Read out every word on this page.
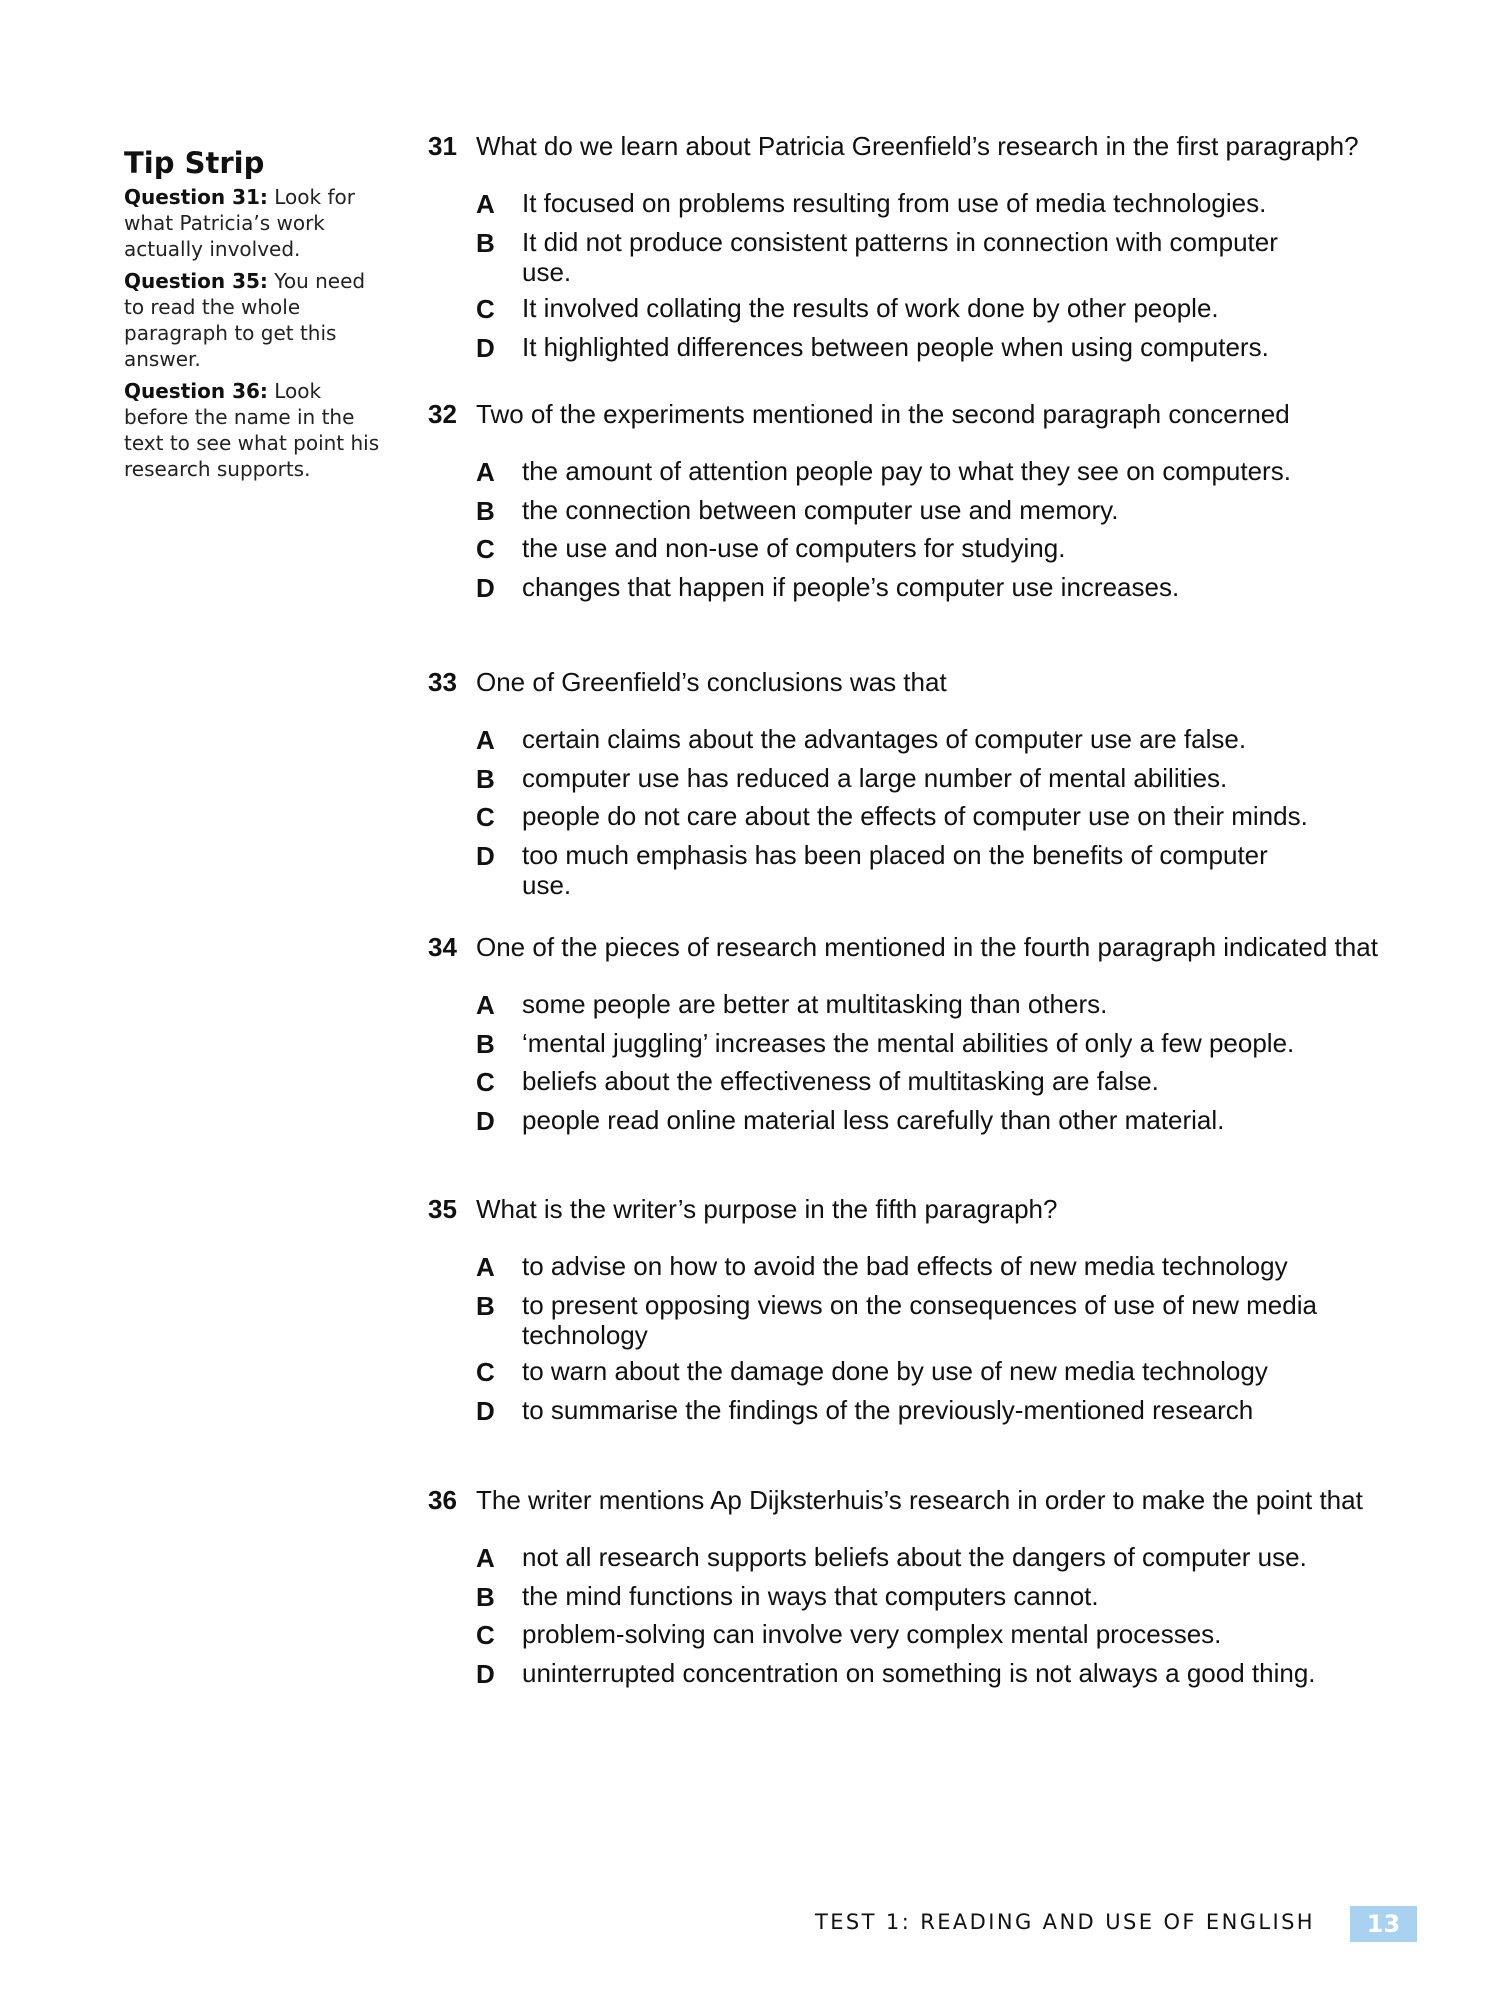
Tip Strip

Question 31: Look for what Patricia’s work actually involved.

Question 35: You need to read the whole paragraph to get this answer.

Question 36: Look before the name in the text to see what point his research supports.

31 What do we learn about Patricia Greenfield’s research in the first paragraph?
A	It focused on problems resulting from use of media technologies.
B	It did not produce consistent patterns in connection with computer use.
C	It involved collating the results of work done by other people.
D	It highlighted differences between people when using computers.
32 Two of the experiments mentioned in the second paragraph concerned
A	the amount of attention people pay to what they see on computers.
B	the connection between computer use and memory.
C	the use and non-use of computers for studying.
D	changes that happen if people’s computer use increases.
33 One of Greenfield’s conclusions was that
A	certain claims about the advantages of computer use are false.
B	computer use has reduced a large number of mental abilities.
C	people do not care about the effects of computer use on their minds.
D	too much emphasis has been placed on the benefits of computer use.
34 One of the pieces of research mentioned in the fourth paragraph indicated that
A	some people are better at multitasking than others.
B	‘mental juggling’ increases the mental abilities of only a few people.
C	beliefs about the effectiveness of multitasking are false.
D	people read online material less carefully than other material.
35 What is the writer’s purpose in the fifth paragraph?
A	to advise on how to avoid the bad effects of new media technology
B	to present opposing views on the consequences of use of new media technology
C	to warn about the damage done by use of new media technology
D	to summarise the findings of the previously-mentioned research
36 The writer mentions Ap Dijksterhuis’s research in order to make the point that
A	not all research supports beliefs about the dangers of computer use.
B	the mind functions in ways that computers cannot.
C	problem-solving can involve very complex mental processes.
D	uninterrupted concentration on something is not always a good thing.
TEST 1: READING AND USE OF ENGLISH	13
